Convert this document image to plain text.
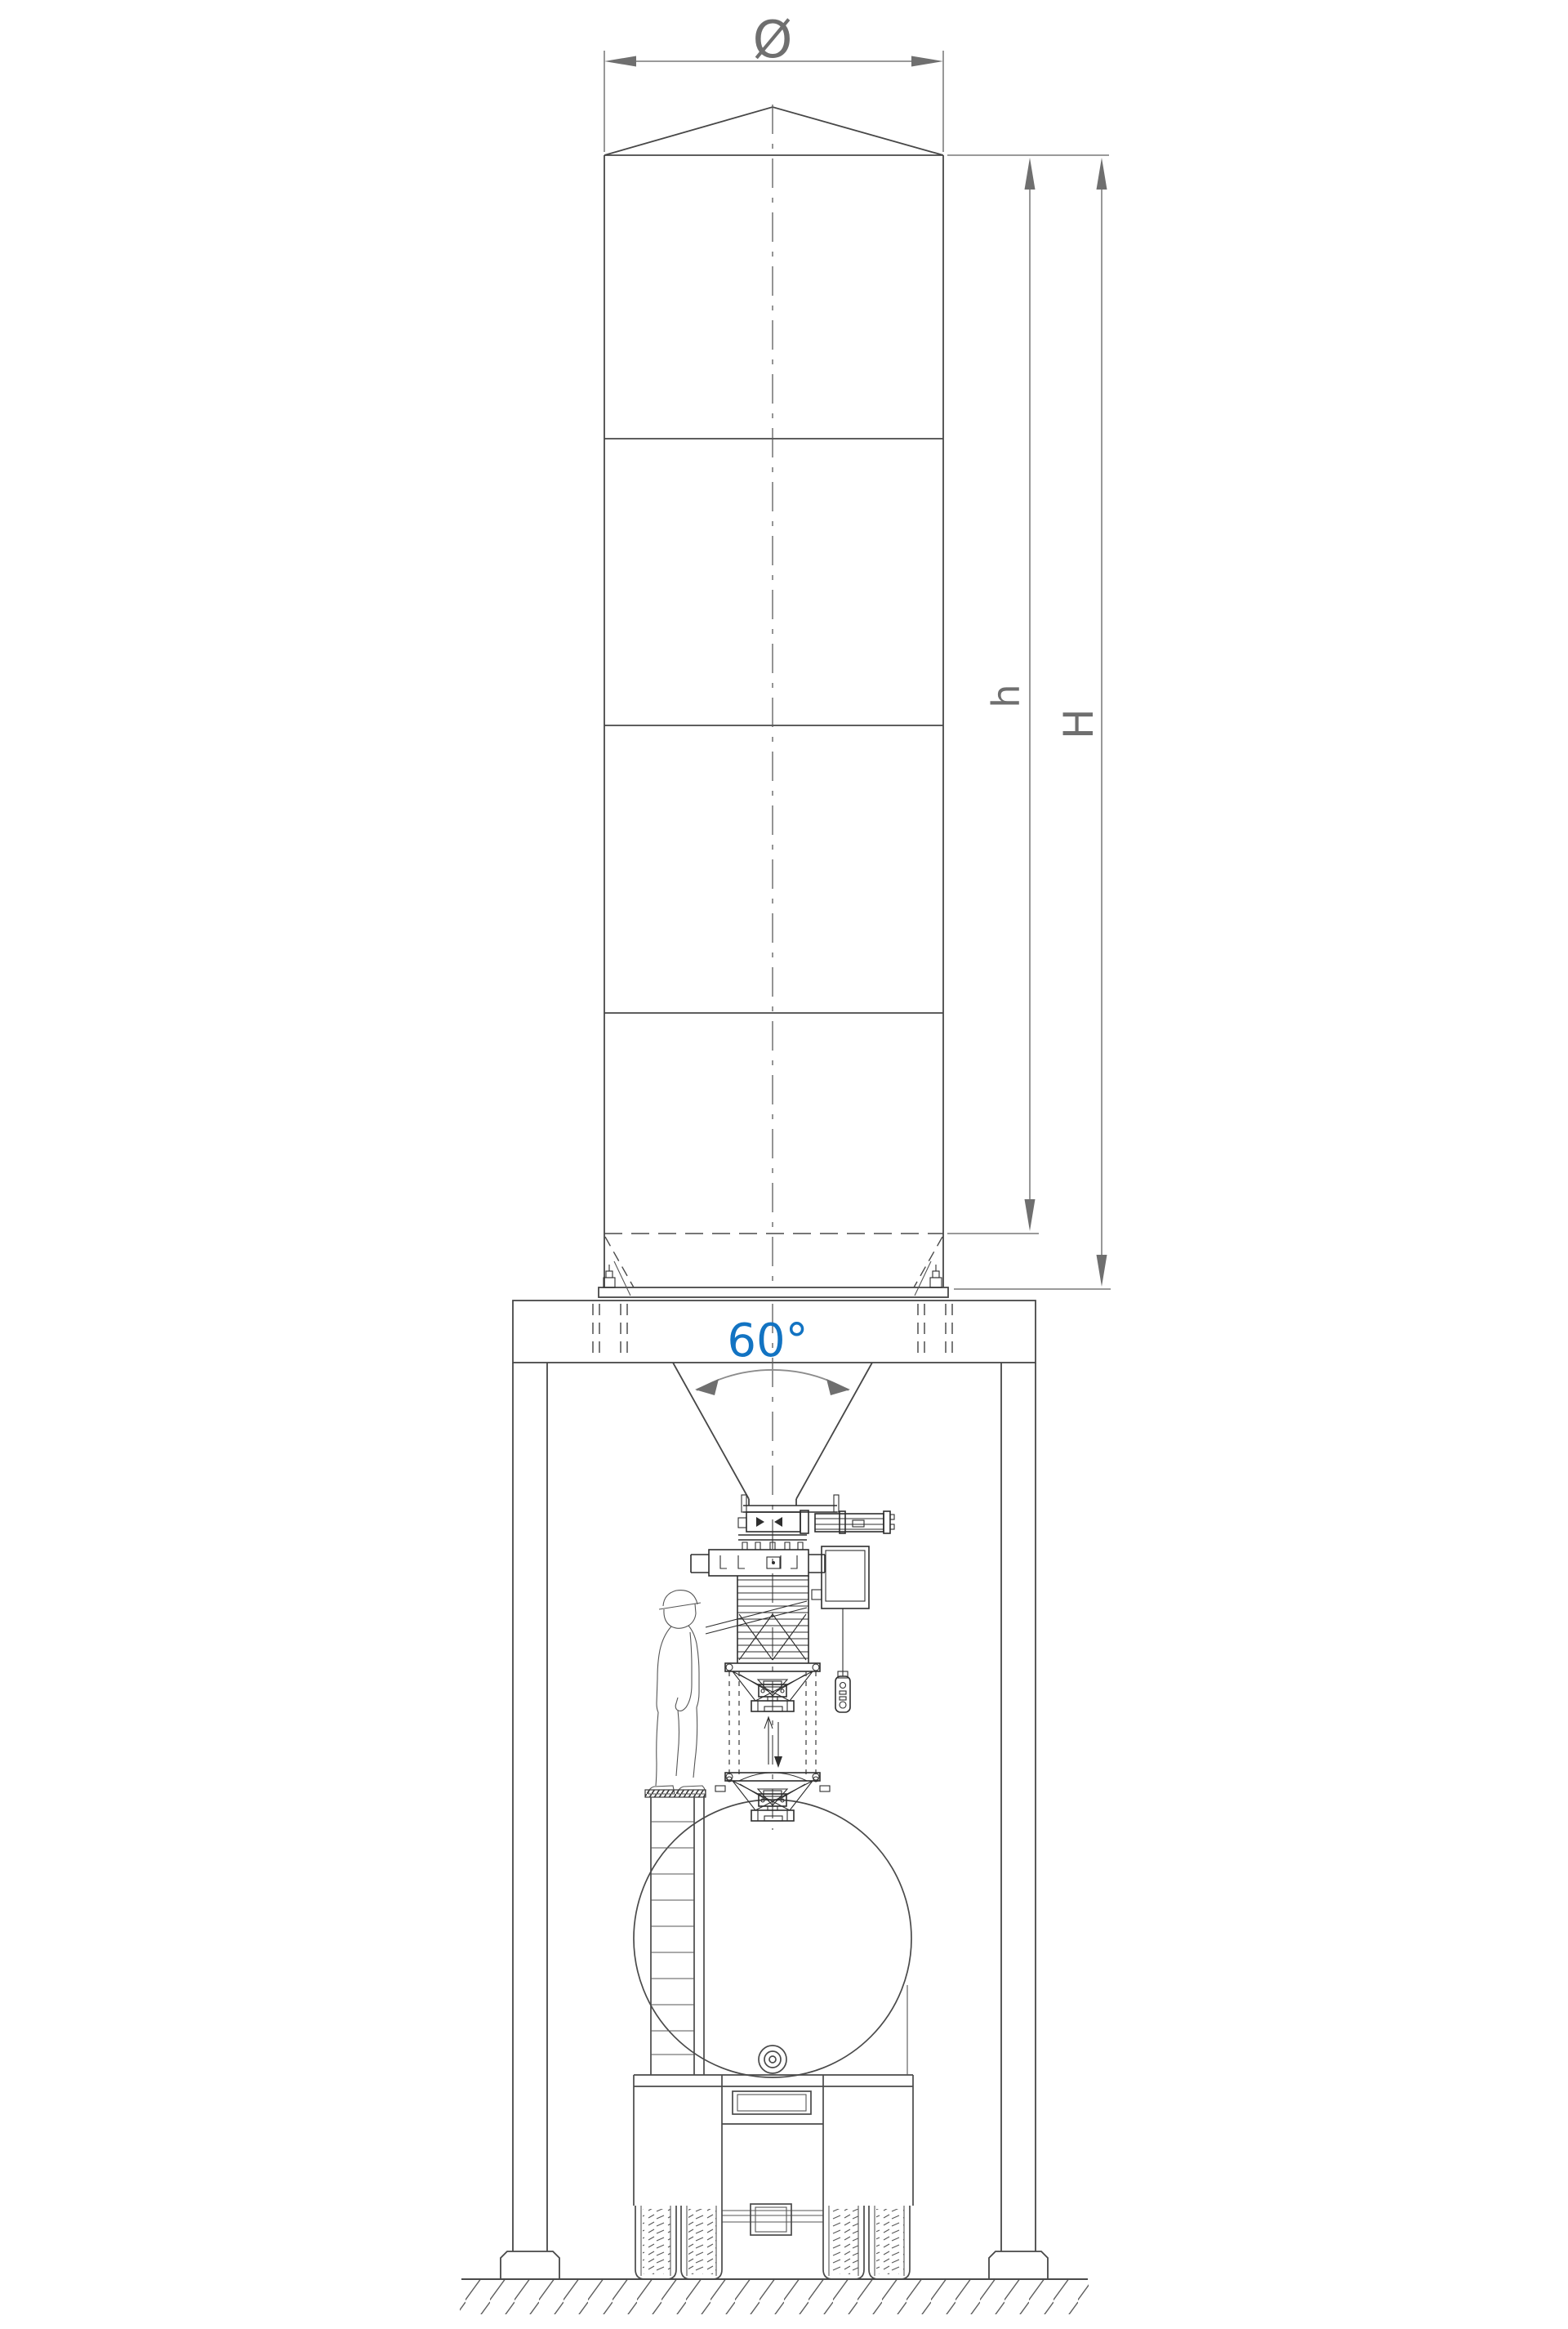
Ø
h
H
60°
